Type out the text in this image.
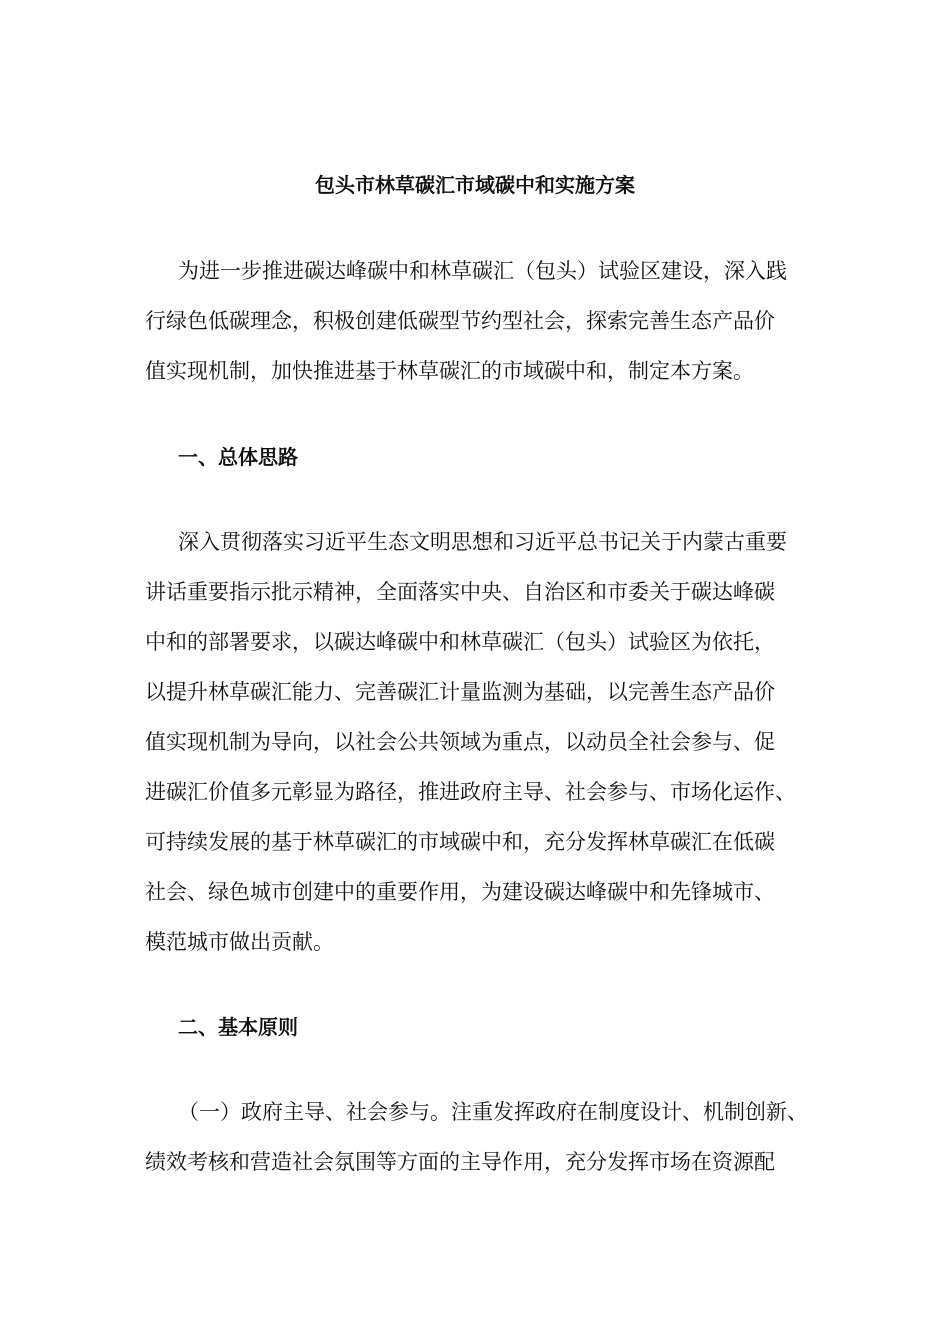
包头市林草碳汇市域碳中和实施方案
为进一步推进碳达峰碳中和林草碳汇（包头）试验区建设，深入践
行绿色低碳理念，积极创建低碳型节约型社会，探索完善生态产品价
值实现机制，加快推进基于林草碳汇的市域碳中和，制定本方案。
一、总体思路
深入贯彻落实习近平生态文明思想和习近平总书记关于内蒙古重要
讲话重要指示批示精神，全面落实中央、自治区和市委关于碳达峰碳
中和的部署要求，以碳达峰碳中和林草碳汇（包头）试验区为依托，
以提升林草碳汇能力、完善碳汇计量监测为基础，以完善生态产品价
值实现机制为导向，以社会公共领域为重点，以动员全社会参与、促
进碳汇价值多元彰显为路径，推进政府主导、社会参与、市场化运作、
可持续发展的基于林草碳汇的市域碳中和，充分发挥林草碳汇在低碳
社会、绿色城市创建中的重要作用，为建设碳达峰碳中和先锋城市、
模范城市做出贡献。
二、基本原则
（一）政府主导、社会参与。注重发挥政府在制度设计、机制创新、
绩效考核和营造社会氛围等方面的主导作用，充分发挥市场在资源配
